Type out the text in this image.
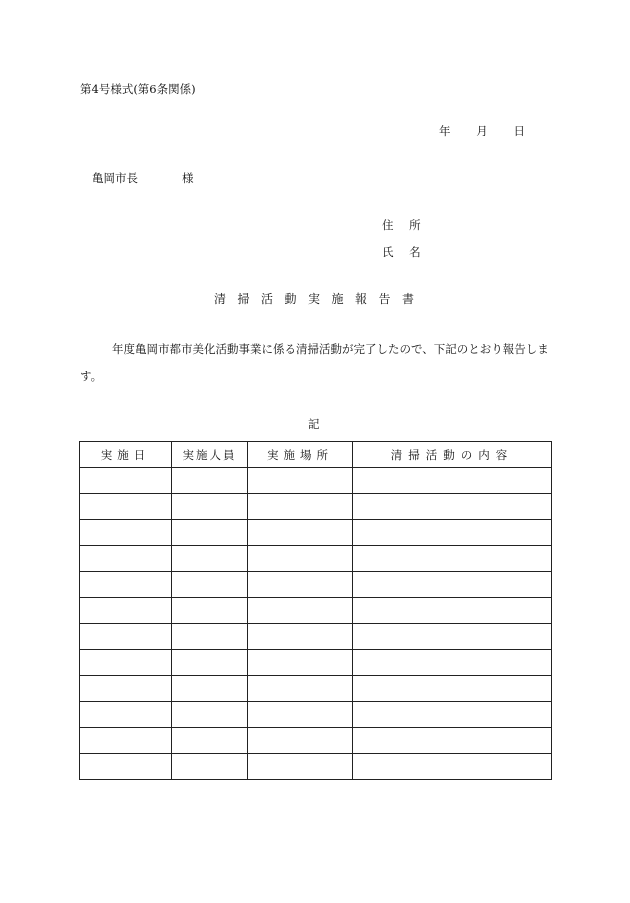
第4号様式(第6条関係)
年 月 日
亀岡市長	様
住 所
氏 名
清掃活動実施報告書
年度亀岡市都市美化活動事業に係る清掃活動が完了したので、下記のとおり報告します。
記
実施日	実施人員	実施場所	清掃活動の内容
